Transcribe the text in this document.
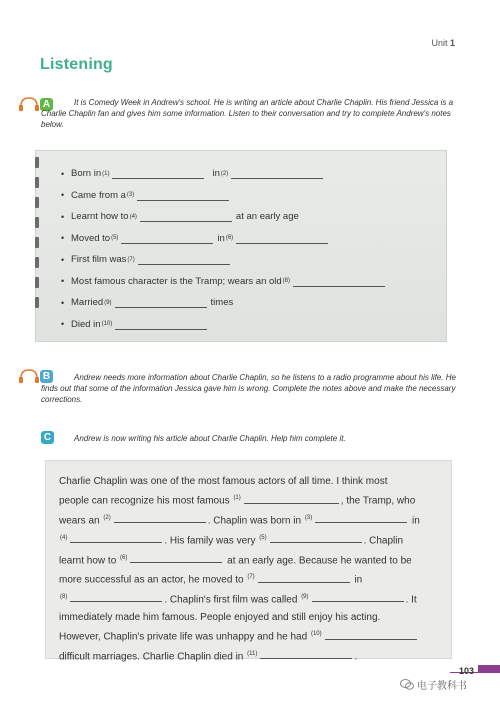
Unit 1
Listening
A	It is Comedy Week in Andrew's school. He is writing an article about Charlie Chaplin. His friend Jessica is a Charlie Chaplin fan and gives him some information. Listen to their conversation and try to complete Andrew's notes below.
• Born in (1)	in (2)
• Came from a (3)
• Learnt how to (4)	at an early age
• Moved to (5)	in (6)
• First film was (7)
• Most famous character is the Tramp; wears an old (8)
• Married (9)	times
• Died in (10)
B	Andrew needs more information about Charlie Chaplin, so he listens to a radio programme about his life. He finds out that some of the information Jessica gave him is wrong. Complete the notes above and make the necessary corrections.
C	Andrew is now writing his article about Charlie Chaplin. Help him complete it.
Charlie Chaplin was one of the most famous actors of all time. I think most
people can recognize his most famous $^{(1)}$	, the Tramp, who
wears an $^{(2)}$	. Chaplin was born in $^{(3)}$	in
$^{(4)}$	. His family was very $^{(5)}$	. Chaplin
learnt how to $^{(6)}$	at an early age. Because he wanted to be
more successful as an actor, he moved to $^{(7)}$	in
$^{(8)}$	. Chaplin's first film was called $^{(9)}$	. It
immediately made him famous. People enjoyed and still enjoy his acting.
However, Chaplin's private life was unhappy and he had $^{(10)}$
difficult marriages. Charlie Chaplin died in $^{(11)}$	.
103
电子教科书
